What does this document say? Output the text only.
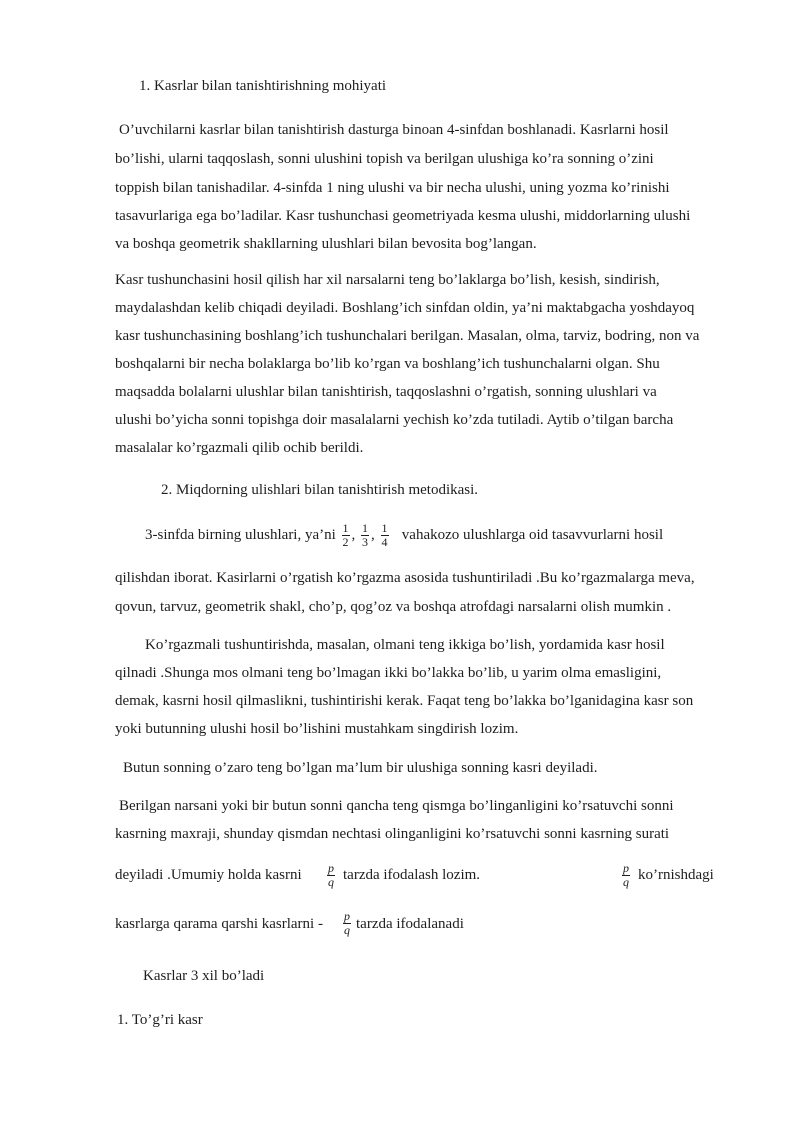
1. Kasrlar bilan tanishtirishning mohiyati
O’uvchilarni kasrlar bilan tanishtirish dasturga binoan 4-sinfdan boshlanadi. Kasrlarni hosil
bo’lishi, ularni taqqoslash, sonni ulushini topish va berilgan ulushiga ko’ra sonning o’zini
toppish bilan tanishadilar. 4-sinfda 1 ning ulushi va bir necha ulushi, uning yozma ko’rinishi
tasavurlariga ega bo’ladilar. Kasr tushunchasi geometriyada kesma ulushi, middorlarning ulushi
va boshqa geometrik shakllarning ulushlari bilan bevosita bog’langan.
Kasr tushunchasini hosil qilish har xil narsalarni teng bo’laklarga bo’lish, kesish, sindirish,
maydalashdan kelib chiqadi deyiladi. Boshlang’ich sinfdan oldin, ya’ni maktabgacha yoshdayoq
kasr tushunchasining boshlang’ich tushunchalari berilgan. Masalan, olma, tarviz, bodring, non va
boshqalarni bir necha bolaklarga bo’lib ko’rgan va boshlang’ich tushunchalarni olgan. Shu
maqsadda bolalarni ulushlar bilan tanishtirish, taqqoslashni o’rgatish, sonning ulushlari va
ulushi bo’yicha sonni topishga doir masalalarni yechish ko’zda tutiladi. Aytib o’tilgan barcha
masalalar ko’rgazmali qilib ochib berildi.
2. Miqdorning ulishlari bilan tanishtirish metodikasi.
3-sinfda birning ulushlari, ya’ni $\frac{1}{2}$ , $\frac{1}{3}$ , $\frac{1}{4}$ vahakozo ulushlarga oid tasavvurlarni hosil
qilishdan iborat. Kasirlarni o’rgatish ko’rgazma asosida tushuntiriladi .Bu ko’rgazmalarga meva,
qovun, tarvuz, geometrik shakl, cho’p, qog’oz va boshqa atrofdagi narsalarni olish mumkin .
Ko’rgazmali tushuntirishda, masalan, olmani teng ikkiga bo’lish, yordamida kasr hosil
qilnadi .Shunga mos olmani teng bo’lmagan ikki bo’lakka bo’lib, u yarim olma emasligini,
demak, kasrni hosil qilmaslikni, tushintirishi kerak. Faqat teng bo’lakka bo’lganidagina kasr son
yoki butunning ulushi hosil bo’lishini mustahkam singdirish lozim.
Butun sonning o’zaro teng bo’lgan ma’lum bir ulushiga sonning kasri deyiladi.
Berilgan narsani yoki bir butun sonni qancha teng qismga bo’linganligini ko’rsatuvchi sonni
kasrning maxraji, shunday qismdan nechtasi olinganligini ko’rsatuvchi sonni kasrning surati
deyiladi .Umumiy holda kasrni $\frac{p}{q}$ tarzda ifodalash lozim.	$\frac{p}{q}$ ko’rnishdagi
kasrlarga qarama qarshi kasrlarni - $\frac{p}{q}$ tarzda ifodalanadi
Kasrlar 3 xil bo’ladi
1. To’g’ri kasr
